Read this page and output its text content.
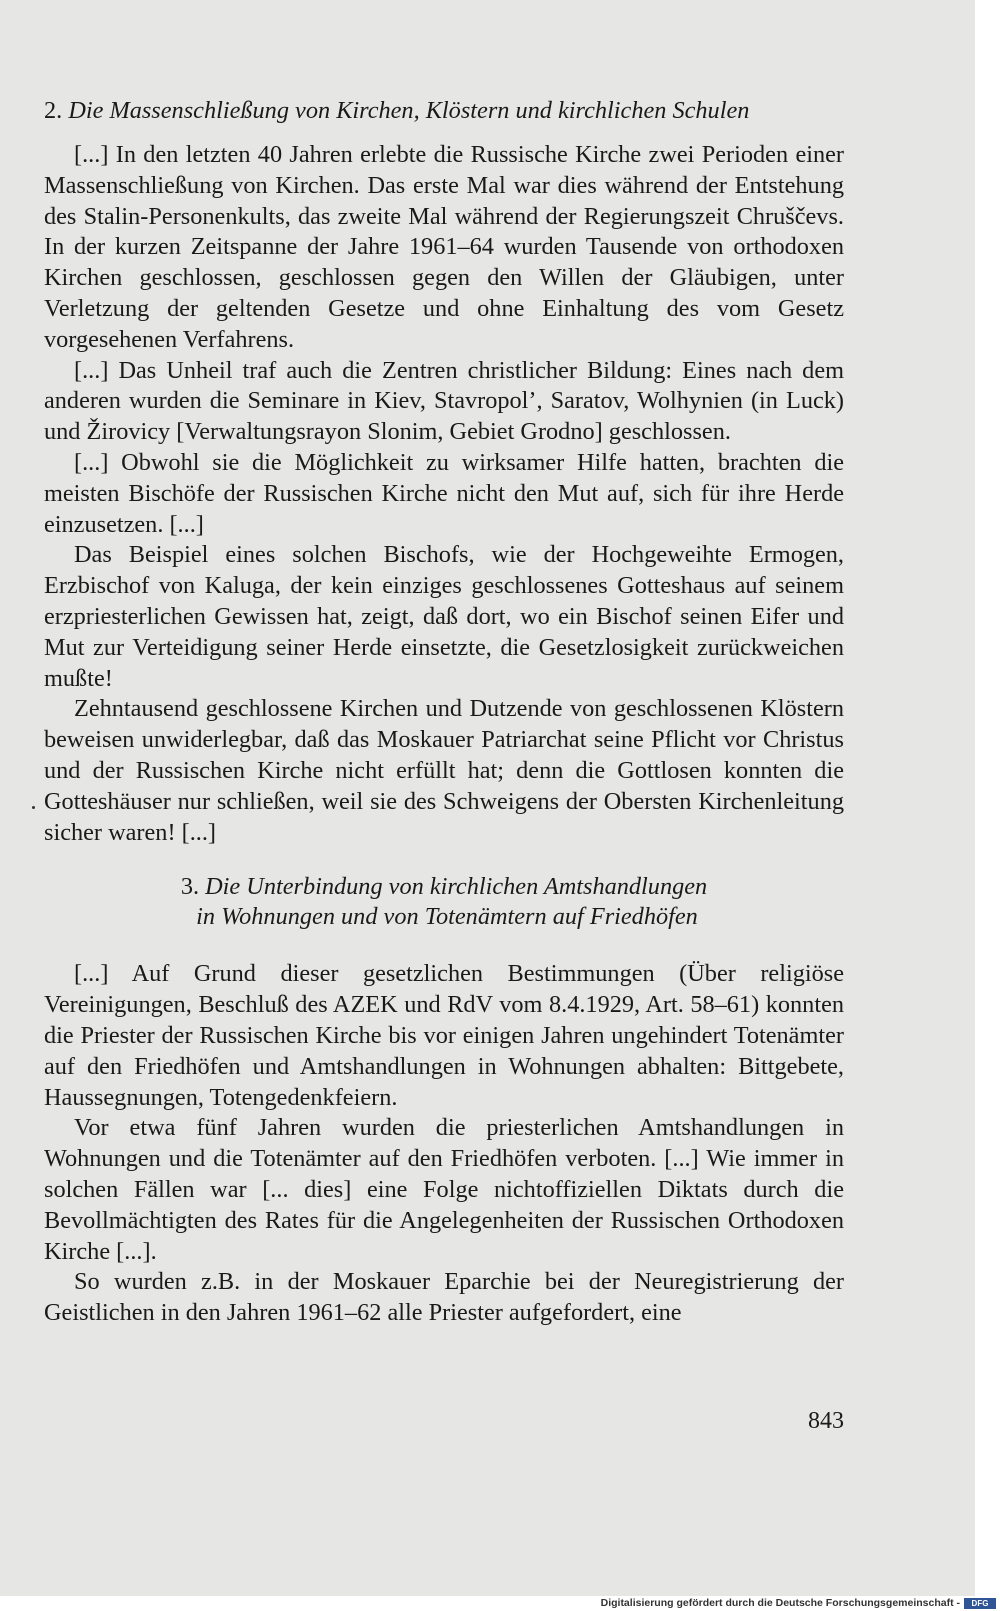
2. Die Massenschließung von Kirchen, Klöstern und kirchlichen Schulen

[...] In den letzten 40 Jahren erlebte die Russische Kirche zwei Perioden einer Massenschließung von Kirchen. Das erste Mal war dies während der Entstehung des Stalin-Personenkults, das zweite Mal während der Regierungszeit Chruščevs. In der kurzen Zeitspanne der Jahre 1961–64 wurden Tausende von orthodoxen Kirchen geschlossen, geschlossen gegen den Willen der Gläubigen, unter Verletzung der geltenden Gesetze und ohne Einhaltung des vom Gesetz vorgesehenen Verfahrens.

[...] Das Unheil traf auch die Zentren christlicher Bildung: Eines nach dem anderen wurden die Seminare in Kiev, Stavropol’, Saratov, Wolhynien (in Luck) und Žirovicy [Verwaltungsrayon Slonim, Gebiet Grodno] geschlossen.

[...] Obwohl sie die Möglichkeit zu wirksamer Hilfe hatten, brachten die meisten Bischöfe der Russischen Kirche nicht den Mut auf, sich für ihre Herde einzusetzen. [...]

Das Beispiel eines solchen Bischofs, wie der Hochgeweihte Ermogen, Erzbischof von Kaluga, der kein einziges geschlossenes Gotteshaus auf seinem erzpriesterlichen Gewissen hat, zeigt, daß dort, wo ein Bischof seinen Eifer und Mut zur Verteidigung seiner Herde einsetzte, die Gesetzlosigkeit zurückweichen mußte!

Zehntausend geschlossene Kirchen und Dutzende von geschlossenen Klöstern beweisen unwiderlegbar, daß das Moskauer Patriarchat seine Pflicht vor Christus und der Russischen Kirche nicht erfüllt hat; denn die Gottlosen konnten die Gotteshäuser nur schließen, weil sie des Schweigens der Obersten Kirchenleitung sicher waren! [...]

3. Die Unterbindung von kirchlichen Amtshandlungen
in Wohnungen und von Totenämtern auf Friedhöfen

[...] Auf Grund dieser gesetzlichen Bestimmungen (Über religiöse Vereinigungen, Beschluß des AZEK und RdV vom 8.4.1929, Art. 58–61) konnten die Priester der Russischen Kirche bis vor einigen Jahren ungehindert Totenämter auf den Friedhöfen und Amtshandlungen in Wohnungen abhalten: Bittgebete, Haussegnungen, Totengedenkfeiern.

Vor etwa fünf Jahren wurden die priesterlichen Amtshandlungen in Wohnungen und die Totenämter auf den Friedhöfen verboten. [...] Wie immer in solchen Fällen war [... dies] eine Folge nichtoffiziellen Diktats durch die Bevollmächtigten des Rates für die Angelegenheiten der Russischen Orthodoxen Kirche [...].

So wurden z.B. in der Moskauer Eparchie bei der Neuregistrierung der Geistlichen in den Jahren 1961–62 alle Priester aufgefordert, eine

843
Digitalisierung gefördert durch die Deutsche Forschungsgemeinschaft -	DFG
